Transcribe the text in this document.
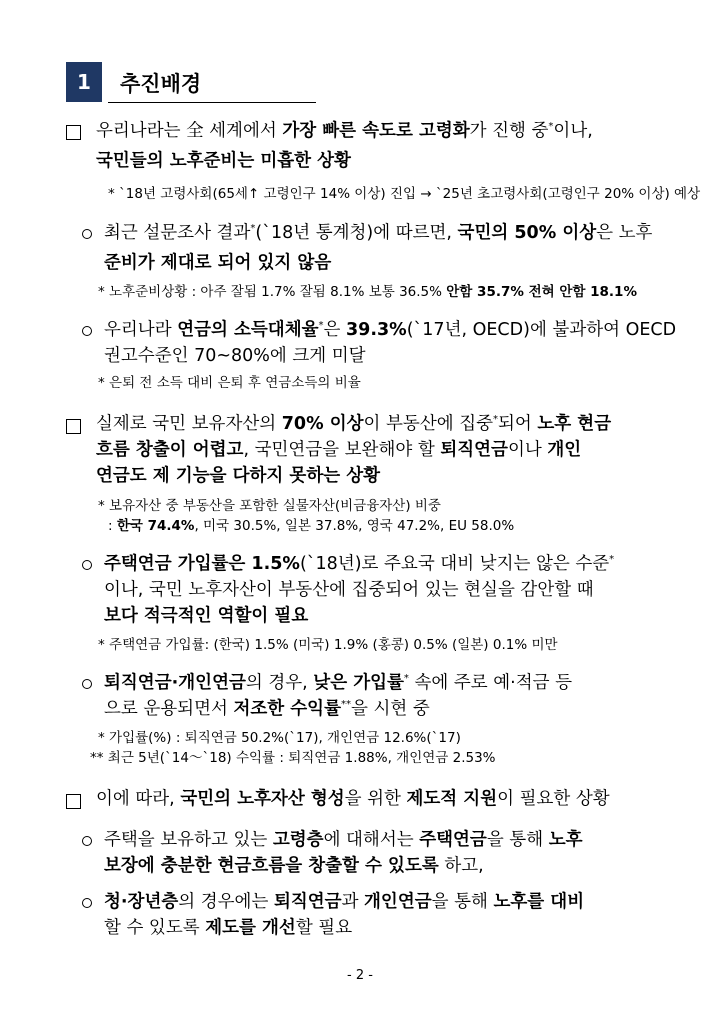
1	추진배경
우리나라는 全 세계에서 가장 빠른 속도로 고령화가 진행 중*이나,
국민들의 노후준비는 미흡한 상황
* `18년 고령사회(65세↑ 고령인구 14% 이상) 진입 → `25년 초고령사회(고령인구 20% 이상) 예상
최근 설문조사 결과*(`18년 통계청)에 따르면, 국민의 50% 이상은 노후
준비가 제대로 되어 있지 않음
* 노후준비상황 : 아주 잘됨 1.7% 잘됨 8.1% 보통 36.5% 안함 35.7% 전혀 안함 18.1%
우리나라 연금의 소득대체율*은 39.3%(`17년, OECD)에 불과하여 OECD
권고수준인 70~80%에 크게 미달
* 은퇴 전 소득 대비 은퇴 후 연금소득의 비율
실제로 국민 보유자산의 70% 이상이 부동산에 집중*되어 노후 현금
흐름 창출이 어렵고, 국민연금을 보완해야 할 퇴직연금이나 개인
연금도 제 기능을 다하지 못하는 상황
* 보유자산 중 부동산을 포함한 실물자산(비금융자산) 비중
: 한국 74.4%, 미국 30.5%, 일본 37.8%, 영국 47.2%, EU 58.0%
주택연금 가입률은 1.5%(`18년)로 주요국 대비 낮지는 않은 수준*
이나, 국민 노후자산이 부동산에 집중되어 있는 현실을 감안할 때
보다 적극적인 역할이 필요
* 주택연금 가입률: (한국) 1.5% (미국) 1.9% (홍콩) 0.5% (일본) 0.1% 미만
퇴직연금·개인연금의 경우, 낮은 가입률* 속에 주로 예·적금 등
으로 운용되면서 저조한 수익률**을 시현 중
* 가입률(%) : 퇴직연금 50.2%(`17), 개인연금 12.6%(`17)
** 최근 5년(`14～`18) 수익률 : 퇴직연금 1.88%, 개인연금 2.53%
이에 따라, 국민의 노후자산 형성을 위한 제도적 지원이 필요한 상황
주택을 보유하고 있는 고령층에 대해서는 주택연금을 통해 노후
보장에 충분한 현금흐름을 창출할 수 있도록 하고,
청·장년층의 경우에는 퇴직연금과 개인연금을 통해 노후를 대비
할 수 있도록 제도를 개선할 필요
- 2 -
